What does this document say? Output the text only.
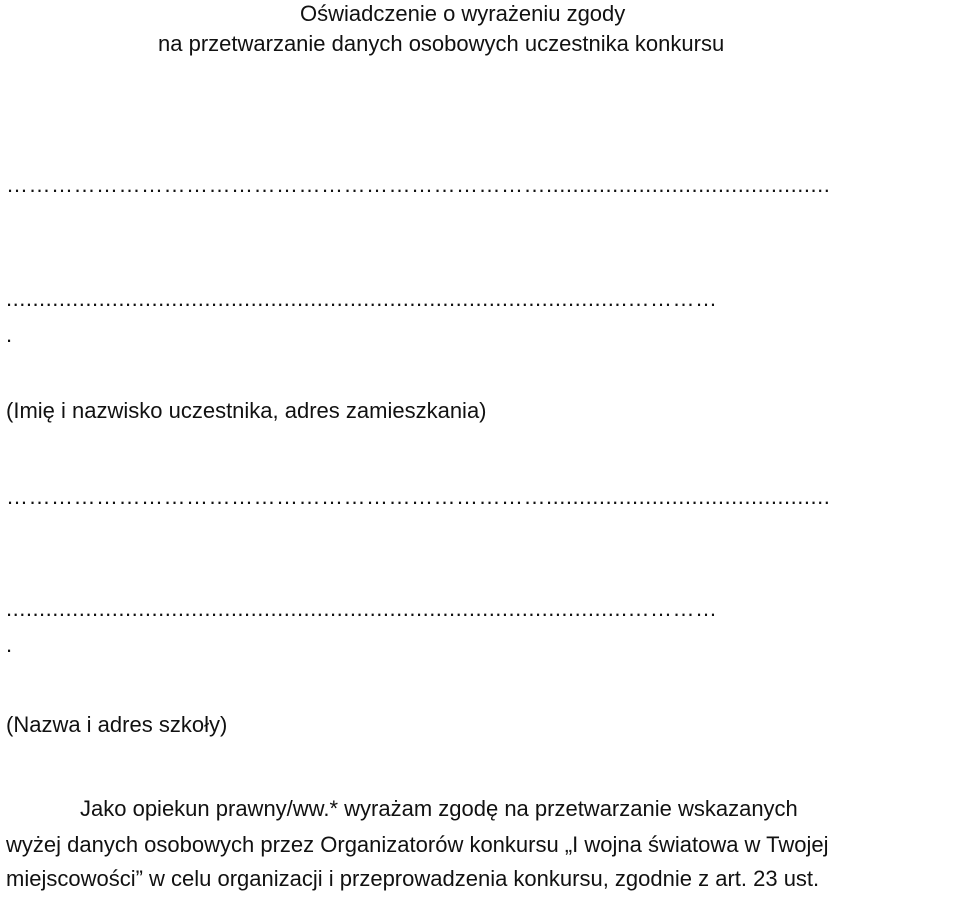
Oświadczenie o wyrażeniu zgody
na przetwarzanie danych osobowych uczestnika konkursu
………………………………………………………………...........................................
..............................................................................................…………
.
(Imię i nazwisko uczestnika, adres zamieszkania)
………………………………………………………………...........................................
..............................................................................................…………
.
(Nazwa i adres szkoły)
Jako opiekun prawny/ww.* wyrażam zgodę na przetwarzanie wskazanych
wyżej danych osobowych przez Organizatorów konkursu „I wojna światowa w Twojej
miejscowości” w celu organizacji i przeprowadzenia konkursu, zgodnie z art. 23 ust.
